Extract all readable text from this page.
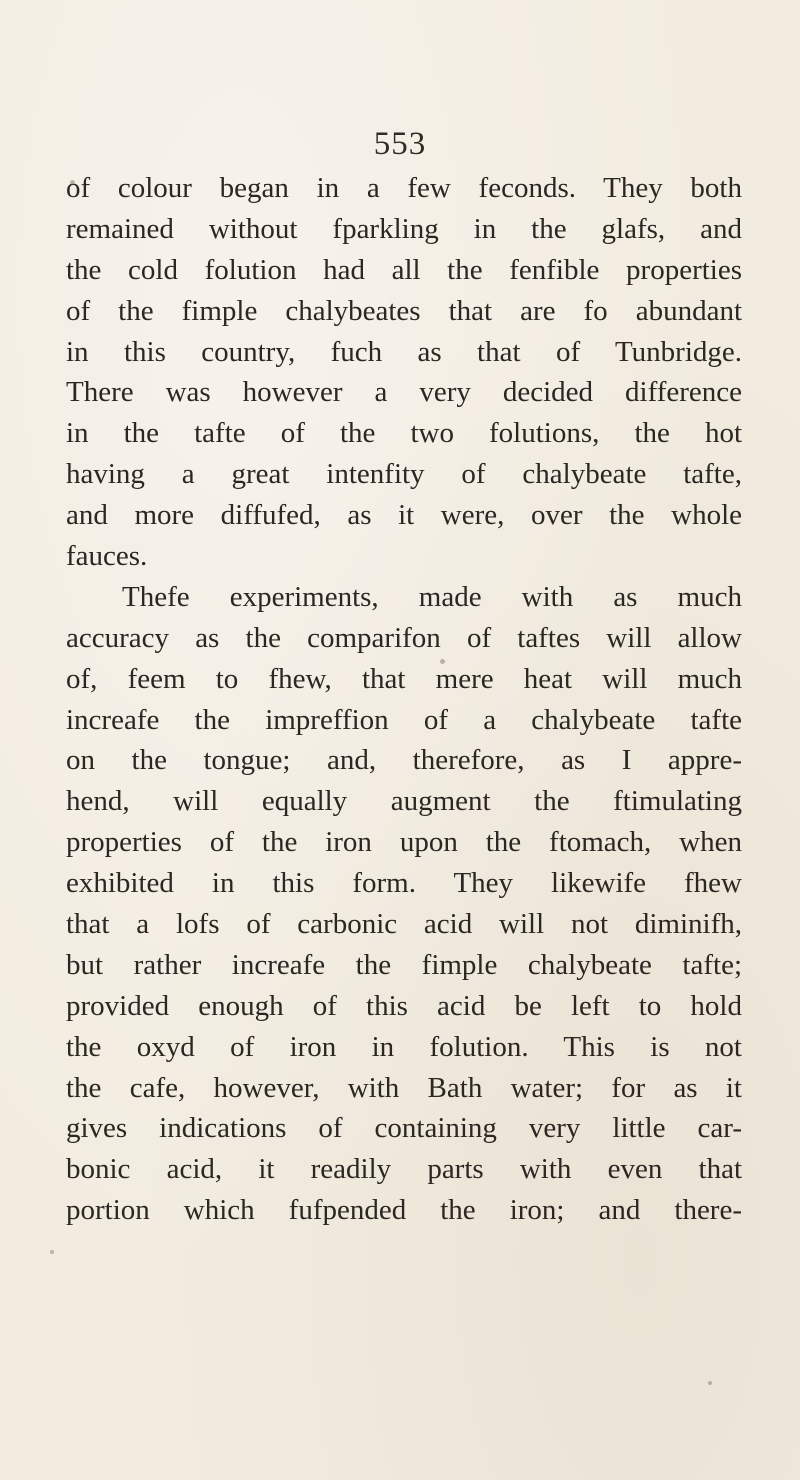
553
of colour began in a few feconds. They both
remained without fparkling in the glafs, and
the cold folution had all the fenfible properties
of the fimple chalybeates that are fo abundant
in this country, fuch as that of Tunbridge.
There was however a very decided difference
in the tafte of the two folutions, the hot
having a great intenfity of chalybeate tafte,
and more diffufed, as it were, over the whole
fauces.
Thefe experiments, made with as much
accuracy as the comparifon of taftes will allow
of, feem to fhew, that mere heat will much
increafe the impreffion of a chalybeate tafte
on the tongue; and, therefore, as I appre-
hend, will equally augment the ftimulating
properties of the iron upon the ftomach, when
exhibited in this form. They likewife fhew
that a lofs of carbonic acid will not diminifh,
but rather increafe the fimple chalybeate tafte;
provided enough of this acid be left to hold
the oxyd of iron in folution. This is not
the cafe, however, with Bath water; for as it
gives indications of containing very little car-
bonic acid, it readily parts with even that
portion which fufpended the iron; and there-
